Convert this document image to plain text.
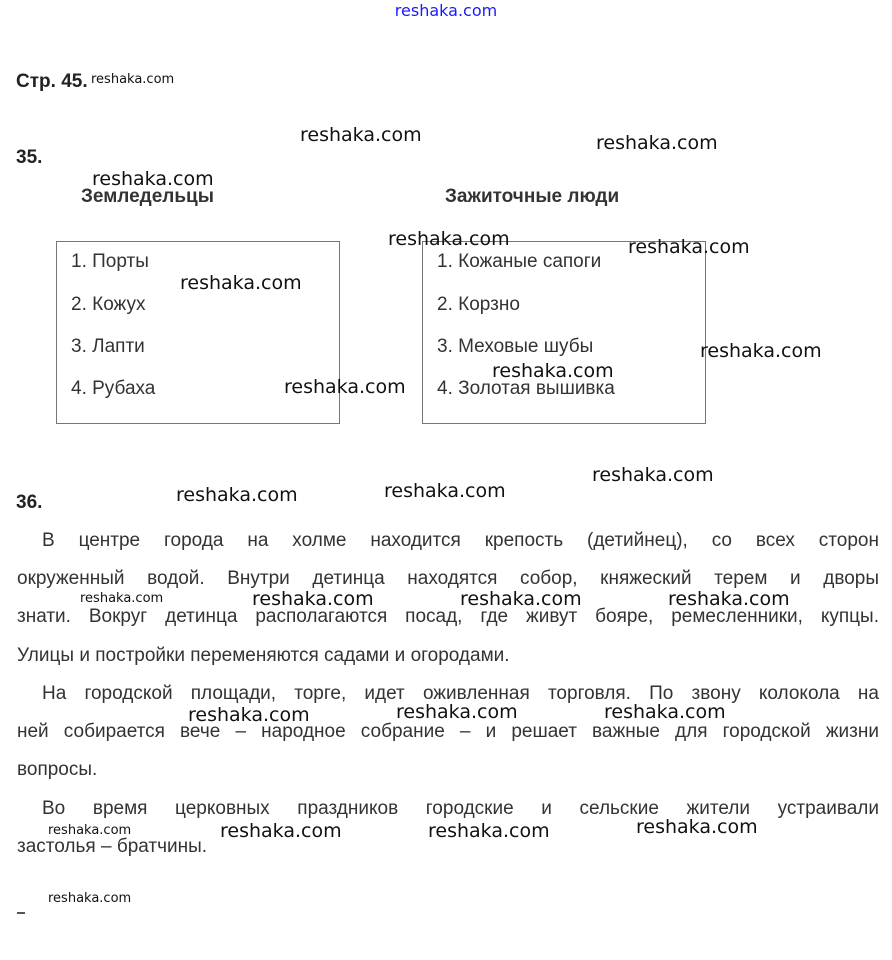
reshaka.com
Стр. 45.
35.
Земледельцы	Зажиточные люди
1. Порты
2. Кожух
3. Лапти
4. Рубаха
1. Кожаные сапоги
2. Корзно
3. Меховые шубы
4. Золотая вышивка
36.
В центре города на холме находится крепость (детийнец), со всех сторон
окруженный водой. Внутри детинца находятся собор, княжеский терем и дворы
знати. Вокруг детинца располагаются посад, где живут бояре, ремесленники, купцы.
Улицы и постройки переменяются садами и огородами.
На городской площади, торге, идет оживленная торговля. По звону колокола на
ней собирается вече – народное собрание – и решает важные для городской жизни
вопросы.
Во время церковных праздников городские и сельские жители устраивали
застолья – братчины.
reshaka.com
reshaka.com	reshaka.com
reshaka.com
reshaka.com	reshaka.com
reshaka.com
reshaka.com
reshaka.com
reshaka.com
reshaka.com
reshaka.com
reshaka.com
reshaka.com	reshaka.com	reshaka.com	reshaka.com
reshaka.com	reshaka.com
reshaka.com
reshaka.com
reshaka.com	reshaka.com
reshaka.com
reshaka.com
